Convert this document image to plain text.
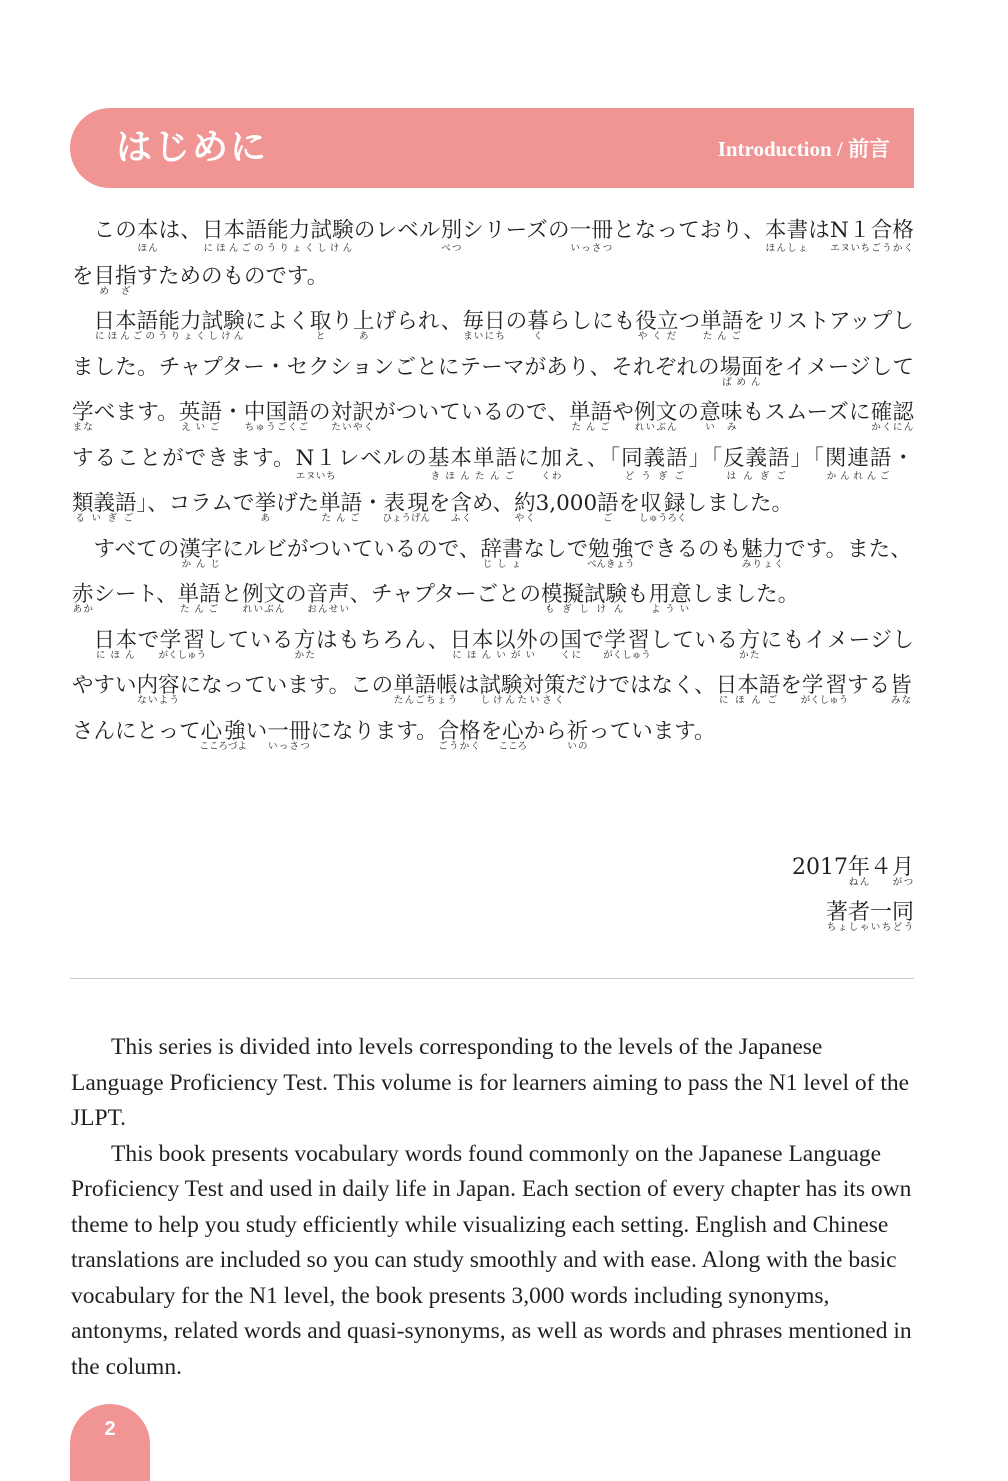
はじめに	Introduction / 前言

この本ほんは、日本語能力試験にほんごのうりょくしけんのレベル別べつシリーズの一冊いっさつとなっており、本書ほんしょはN１エヌいち合格ごうかくを目指めざすためのものです。

日本語能力試験にほんごのうりょくしけんによく取とり上あげられ、毎日まいにちの暮くらしにも役立やくだつ単語たんごをリストアップしました。チャプター・セクションごとにテーマがあり、それぞれの場面ばめんをイメージして学まなべます。英語えいご・中国語ちゅうごくごの対訳たいやくがついているので、単語たんごや例文れいぶんの意味いみもスムーズに確認かくにんすることができます。N１エヌいちレベルの基本単語きほんたんごに加くわえ、「同義語どうぎご」「反義語はんぎご」「関連語かんれんご・類義語るいぎご」、コラムで挙あげた単語たんご・表現ひょうげんを含ふくめ、約やく3,000語ごを収録しゅうろくしました。

すべての漢字かんじにルビがついているので、辞書じしょなしで勉強べんきょうできるのも魅力みりょくです。また、赤あかシート、単語たんごと例文れいぶんの音声おんせい、チャプターごとの模擬試験もぎしけんも用意よういしました。

日本にほんで学習がくしゅうしている方かたはもちろん、日本以外にほんいがいの国くにで学習がくしゅうしている方かたにもイメージしやすい内容ないようになっています。この単語帳たんごちょうは試験対策しけんたいさくだけではなく、日本語にほんごを学習がくしゅうする皆みなさんにとって心強こころづよい一冊いっさつになります。合格ごうかくを心こころから祈いのっています。

2017年ねん４月がつ
著者一同ちょしゃいちどう

This series is divided into levels corresponding to the levels of the Japanese Language Proficiency Test. This volume is for learners aiming to pass the N1 level of the JLPT.

This book presents vocabulary words found commonly on the Japanese Language Proficiency Test and used in daily life in Japan. Each section of every chapter has its own theme to help you study efficiently while visualizing each setting. English and Chinese translations are included so you can study smoothly and with ease. Along with the basic vocabulary for the N1 level, the book presents 3,000 words including synonyms, antonyms, related words and quasi-synonyms, as well as words and phrases mentioned in the column.

2
